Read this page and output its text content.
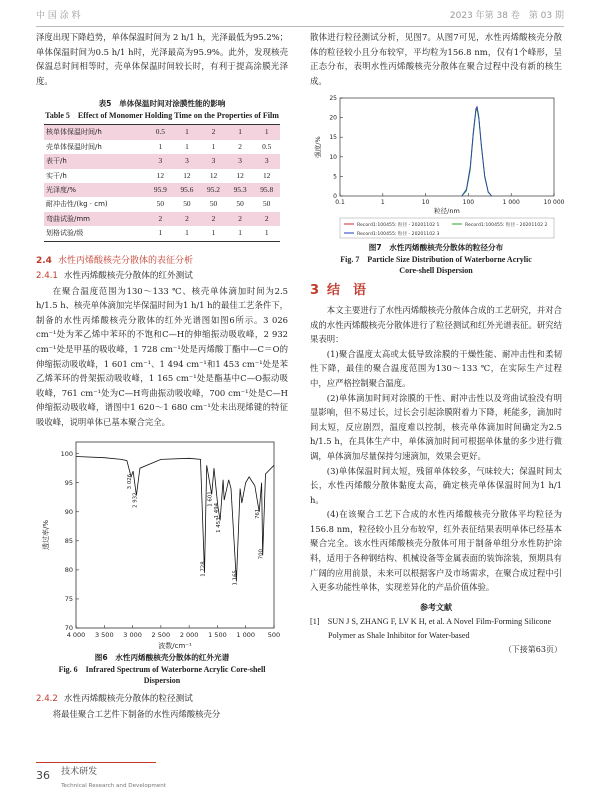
中 国 涂 料	2023 年第 38 卷　第 03 期

泽度出现下降趋势，单体保温时间为 2 h/1 h，光泽最低为95.2%；单体保温时间为0.5 h/1 h时，光泽最高为95.9%。此外，发现核壳保温总时间相等时，壳单体保温时间较长时，有利于提高涂膜光泽度。

表5　单体保温时间对涂膜性能的影响
Table 5　Effect of Monomer Holding Time on the Properties of Film
核单体保温时间/h	0.5	1	2	1	1
壳单体保温时间/h	1	1	1	2	0.5
表干/h	3	3	3	3	3
实干/h	12	12	12	12	12
光泽度/%	95.9	95.6	95.2	95.3	95.8
耐冲击性/(kg · cm)	50	50	50	50	50
弯曲试验/mm	2	2	2	2	2
划格试验/级	1	1	1	1	1
2.4 水性丙烯酸核壳分散体的表征分析
2.4.1 水性丙烯酸核壳分散体的红外测试

在聚合温度范围为130～133 ℃、核壳单体滴加时间为2.5 h/1.5 h、核壳单体滴加完毕保温时间为1 h/1 h的最佳工艺条件下，制备的水性丙烯酸核壳分散体的红外光谱图如图6所示。3 026 cm⁻¹处为苯乙烯中苯环的不饱和C—H的伸缩振动吸收峰，2 932 cm⁻¹处是甲基的吸收峰，1 728 cm⁻¹处是丙烯酸丁酯中—C＝O的伸缩振动吸收峰，1 601 cm⁻¹、1 494 cm⁻¹和1 453 cm⁻¹处是苯乙烯苯环的骨架振动吸收峰，1 165 cm⁻¹处是酯基中C—O振动吸收峰，761 cm⁻¹处为C—H弯曲振动吸收峰，700 cm⁻¹处是C—H伸缩振动吸收峰，谱图中1 620～1 680 cm⁻¹处未出现烯键的特征吸收峰，说明单体已基本聚合完全。

4 000 3 500 3 000 2 500 2 000 1 500 1 000 500
70
75
80
85
90
95
100
波数/cm⁻¹
透过率/%
3 026
2 932
1 728
1 601
1 494
1 453
1 165
761
700
图6　水性丙烯酸核壳分散体的红外光谱
Fig. 6　Infrared Spectrum of Waterborne Acrylic Core-shell Dispersion
2.4.2 水性丙烯酸核壳分散体的粒径测试

将最佳聚合工艺件下制备的水性丙烯酸核壳分

散体进行粒径测试分析，见图7。从图7可见，水性丙烯酸核壳分散体的粒径较小且分布较窄，平均粒为156.8 nm，仅有1个峰形，呈正态分布，表明水性丙烯酸核壳分散体在聚合过程中没有新的核生成。

0.1	1	10	100	1 000	10 000
0
5
10
15
20
25
粒径/nm
强度/%
Record1:100455: 粒径 - 20201102 1	Record1:100455: 粒径 - 20201102 2
Record1:100455: 粒径 - 20201102 3
图7　水性丙烯酸核壳分散体的粒径分布
Fig. 7　Particle Size Distribution of Waterborne Acrylic Core-shell Dispersion
3 结　语

本文主要进行了水性丙烯酸核壳分散体合成的工艺研究，并对合成的水性丙烯酸核壳分散体进行了粒径测试和红外光谱表征。研究结果表明：

(1)聚合温度太高或太低导致涂膜的干燥性能、耐冲击性和柔韧性下降，最佳的聚合温度范围为130～133 ℃，在实际生产过程中，应严格控制聚合温度。

(2)单体滴加时间对涂膜的干性、耐冲击性以及弯曲试验没有明显影响，但不易过长，过长会引起涂膜附着力下降，耗能多，滴加时间太短，反应剧烈，温度难以控制，核壳单体滴加时间确定为2.5 h/1.5 h，在具体生产中，单体滴加时间可根据单体量的多少进行微调，单体滴加尽量保持匀速滴加，效果会更好。

(3)单体保温时间太短，残留单体较多，气味较大；保温时间太长，水性丙烯酸分散体黏度太高，确定核壳单体保温时间为1 h/1 h。

(4)在该聚合工艺下合成的水性丙烯酸核壳分散体平均粒径为156.8 nm，粒径较小且分布较窄，红外表征结果表明单体已经基本聚合完全。该水性丙烯酸核壳分散体可用于制备单组分水性防护涂料，适用于各种钢结构、机械设备等金属表面的装饰涂装，预期具有广阔的应用前景，未来可以根据客户及市场需求，在聚合成过程中引入更多功能性单体，实现差异化的产品价值体验。

参考文献
[1]　SUN J S, ZHANG F, LV K H, et al. A Novel Film-Forming Silicone Polymer as Shale Inhibitor for Water-based
（下接第63页）
36 技术研发
Technical Research and Development
